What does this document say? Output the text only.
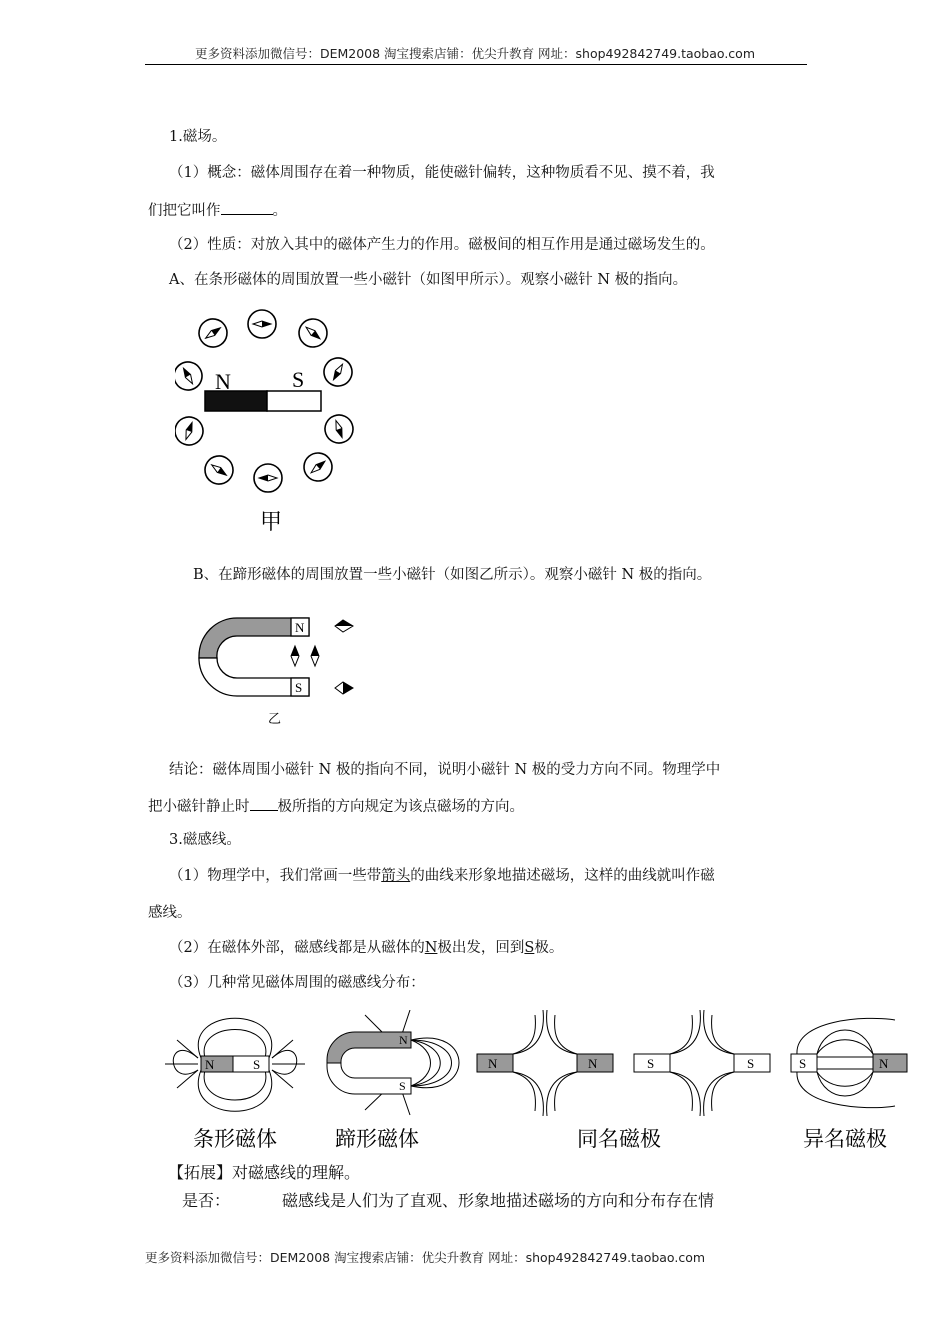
更多资料添加微信号：DEM2008 淘宝搜索店铺：优尖升教育 网址：shop492842749.taobao.com
1.磁场。
（1）概念：磁体周围存在着一种物质，能使磁针偏转，这种物质看不见、摸不着，我
们把它叫作	。
（2）性质：对放入其中的磁体产生力的作用。磁极间的相互作用是通过磁场发生的。
A、在条形磁体的周围放置一些小磁针（如图甲所示）。观察小磁针 N 极的指向。
N	S
甲
B、在蹄形磁体的周围放置一些小磁针（如图乙所示）。观察小磁针 N 极的指向。
N
S
乙
结论：磁体周围小磁针 N 极的指向不同，说明小磁针 N 极的受力方向不同。物理学中
把小磁针静止时 极所指的方向规定为该点磁场的方向。
3.磁感线。
（1）物理学中，我们常画一些带箭头的曲线来形象地描述磁场，这样的曲线就叫作磁
感线。
（2）在磁体外部，磁感线都是从磁体的N极出发，回到S极。
（3）几种常见磁体周围的磁感线分布：
N	S
N
S
N	N	S	S	S	N
条形磁体	蹄形磁体	同名磁极	异名磁极
【拓展】对磁感线的理解。
是否：	磁感线是人们为了直观、形象地描述磁场的方向和分布存在情
更多资料添加微信号：DEM2008 淘宝搜索店铺：优尖升教育 网址：shop492842749.taobao.com
